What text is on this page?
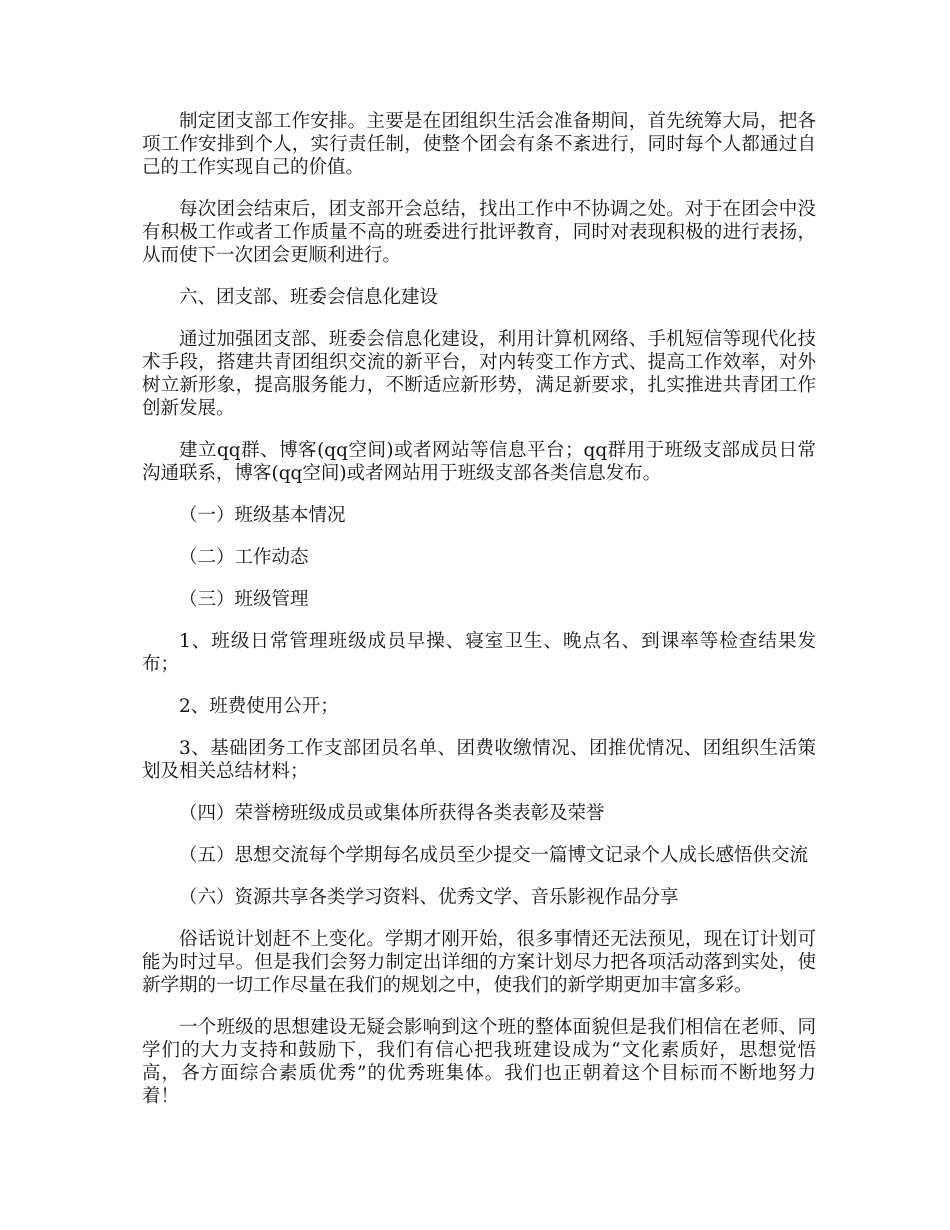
制定团支部工作安排。主要是在团组织生活会准备期间，首先统筹大局，把各项工作安排到个人，实行责任制，使整个团会有条不紊进行，同时每个人都通过自己的工作实现自己的价值。

每次团会结束后，团支部开会总结，找出工作中不协调之处。对于在团会中没有积极工作或者工作质量不高的班委进行批评教育，同时对表现积极的进行表扬，从而使下一次团会更顺利进行。

六、团支部、班委会信息化建设

通过加强团支部、班委会信息化建设，利用计算机网络、手机短信等现代化技术手段，搭建共青团组织交流的新平台，对内转变工作方式、提高工作效率，对外树立新形象，提高服务能力，不断适应新形势，满足新要求，扎实推进共青团工作创新发展。

建立qq群、博客(qq空间)或者网站等信息平台；qq群用于班级支部成员日常沟通联系，博客(qq空间)或者网站用于班级支部各类信息发布。

（一）班级基本情况

（二）工作动态

（三）班级管理

1、班级日常管理班级成员早操、寝室卫生、晚点名、到课率等检查结果发布；

2、班费使用公开；

3、基础团务工作支部团员名单、团费收缴情况、团推优情况、团组织生活策划及相关总结材料；

（四）荣誉榜班级成员或集体所获得各类表彰及荣誉

（五）思想交流每个学期每名成员至少提交一篇博文记录个人成长感悟供交流

（六）资源共享各类学习资料、优秀文学、音乐影视作品分享

俗话说计划赶不上变化。学期才刚开始，很多事情还无法预见，现在订计划可能为时过早。但是我们会努力制定出详细的方案计划尽力把各项活动落到实处，使新学期的一切工作尽量在我们的规划之中，使我们的新学期更加丰富多彩。

一个班级的思想建设无疑会影响到这个班的整体面貌但是我们相信在老师、同学们的大力支持和鼓励下，我们有信心把我班建设成为“文化素质好，思想觉悟高，各方面综合素质优秀”的优秀班集体。我们也正朝着这个目标而不断地努力着！
